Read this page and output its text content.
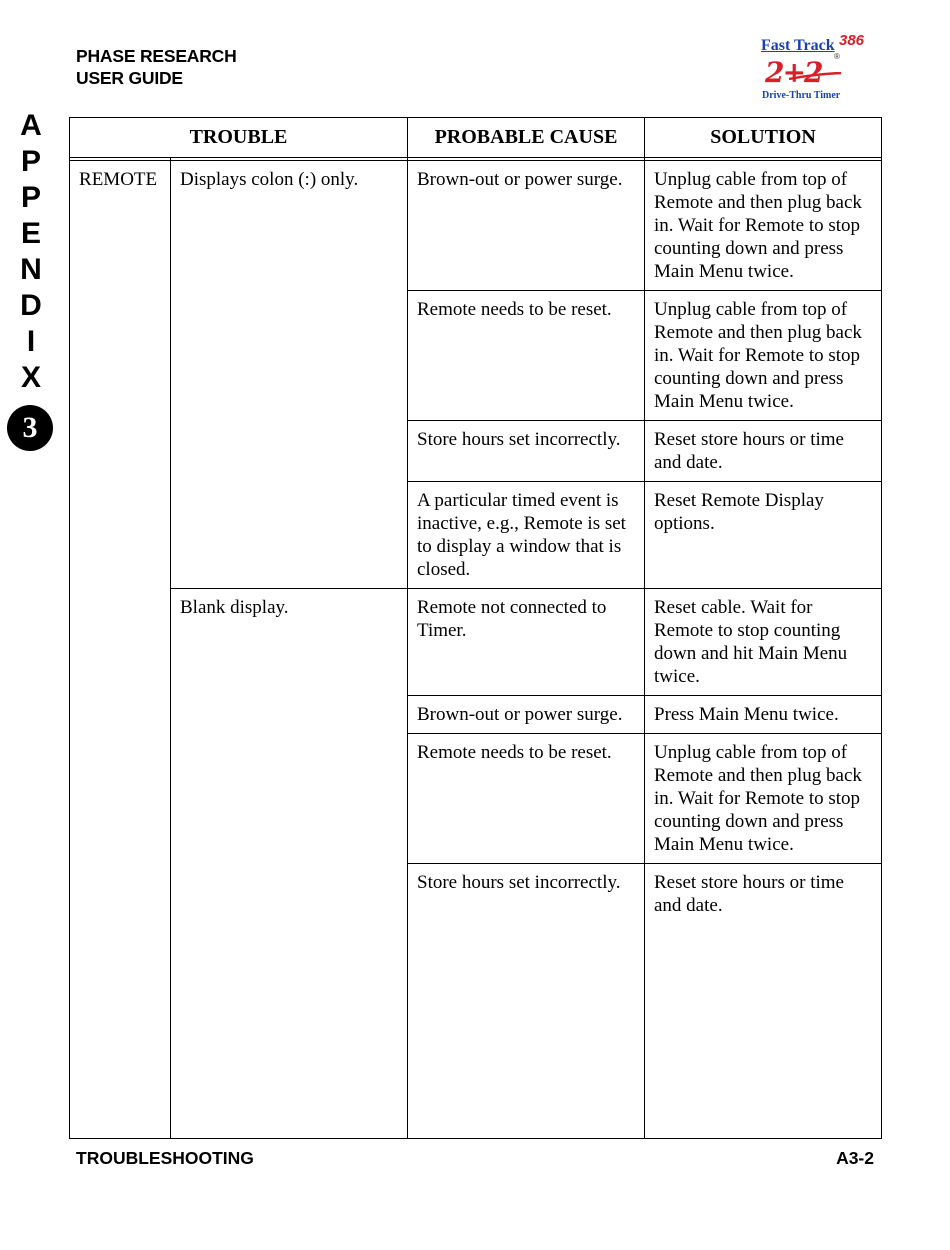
PHASE RESEARCH
USER GUIDE
Fast Track 386
®
2+2
Drive-Thru Timer
A
P
P
E
N
D
I
X
3
TROUBLE		PROBABLE CAUSE	SOLUTION

REMOTE	Displays colon (:) only.	Brown-out or power surge.	Unplug cable from top of Remote and then plug back in. Wait for Remote to stop counting down and press Main Menu twice.
		Remote needs to be reset.	Unplug cable from top of Remote and then plug back in. Wait for Remote to stop counting down and press Main Menu twice.
		Store hours set incorrectly.	Reset store hours or time and date.
		A particular timed event is inactive, e.g., Remote is set to display a window that is closed.	Reset Remote Display options.
	Blank display.	Remote not connected to Timer.	Reset cable. Wait for Remote to stop counting down and hit Main Menu twice.
		Brown-out or power surge.	Press Main Menu twice.
		Remote needs to be reset.	Unplug cable from top of Remote and then plug back in. Wait for Remote to stop counting down and press Main Menu twice.
		Store hours set incorrectly.	Reset store hours or time and date.
TROUBLESHOOTING	A3-2
